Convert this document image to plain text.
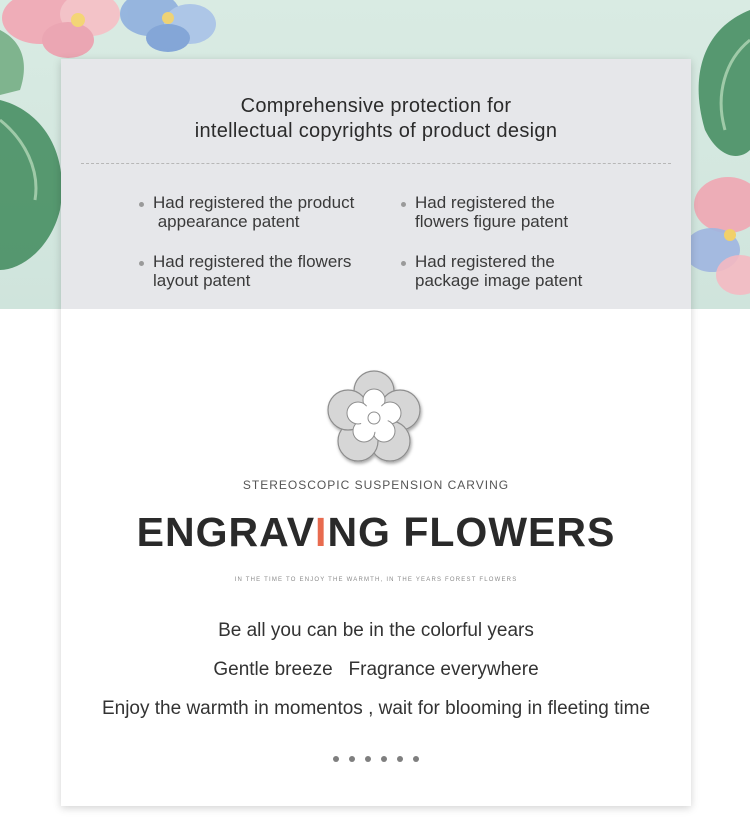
Comprehensive protection for
intellectual copyrights of product design
Had registered the product
appearance patent
Had registered the
flowers figure patent
Had registered the flowers
layout patent
Had registered the
package image patent
STEREOSCOPIC SUSPENSION CARVING
ENGRAVING FLOWERS
IN THE TIME TO ENJOY THE WARMTH, IN THE YEARS FOREST FLOWERS
Be all you can be in the colorful years
Gentle breeze   Fragrance everywhere
Enjoy the warmth in momentos , wait for blooming in fleeting time
